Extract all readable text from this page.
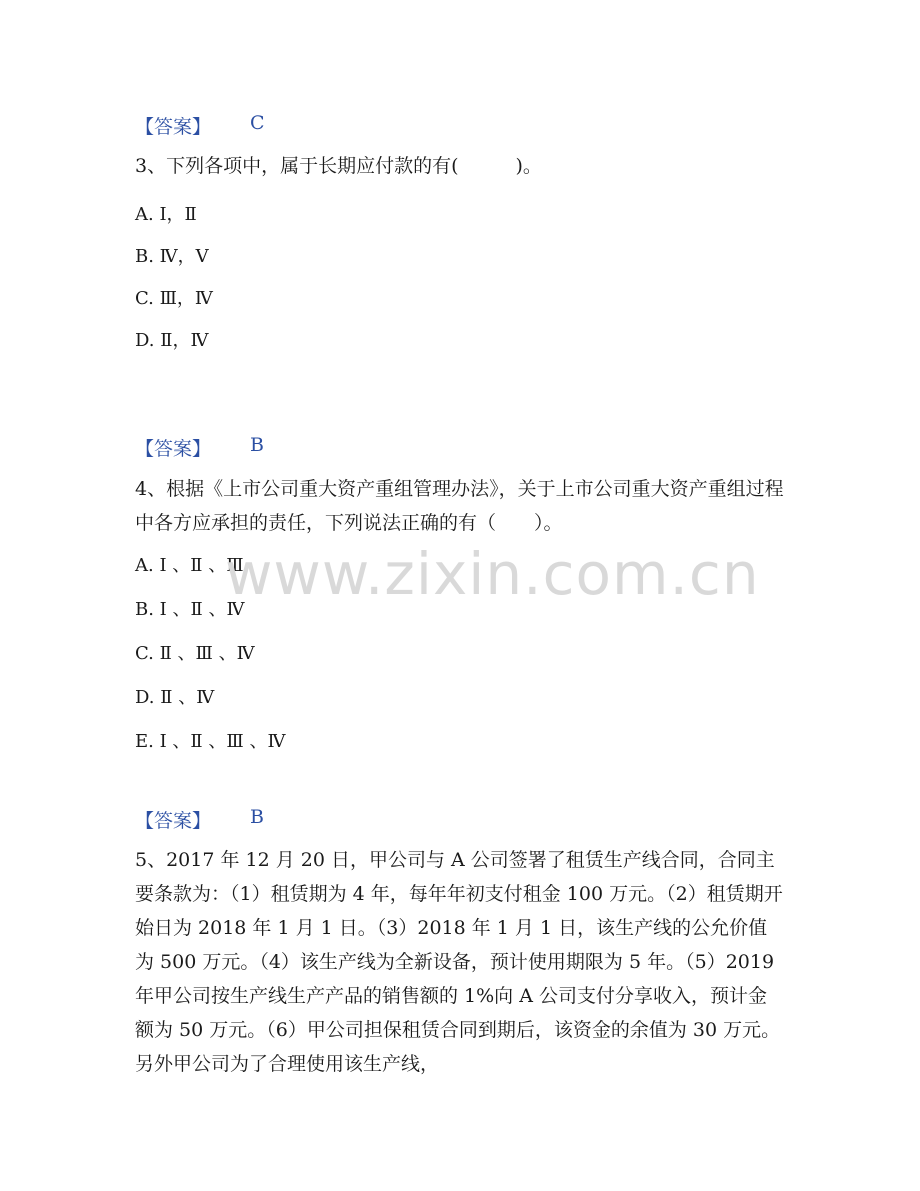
【答案】 C
3、下列各项中，属于长期应付款的有(　　　)。
A. Ⅰ，Ⅱ
B. Ⅳ，Ⅴ
C. Ⅲ，Ⅳ
D. Ⅱ，Ⅳ
【答案】 B
4、根据《上市公司重大资产重组管理办法》，关于上市公司重大资产重组过程中各方应承担的责任，下列说法正确的有（　　）。
A. Ⅰ 、Ⅱ 、Ⅲ
B. Ⅰ 、Ⅱ 、Ⅳ
C. Ⅱ 、Ⅲ 、Ⅳ
D. Ⅱ 、Ⅳ
E. Ⅰ 、Ⅱ 、Ⅲ 、Ⅳ
【答案】 B
5、2017 年 12 月 20 日，甲公司与 A 公司签署了租赁生产线合同，合同主要条款为：（1）租赁期为 4 年，每年年初支付租金 100 万元。（2）租赁期开始日为 2018 年 1 月 1 日。（3）2018 年 1 月 1 日，该生产线的公允价值为 500 万元。（4）该生产线为全新设备，预计使用期限为 5 年。（5）2019 年甲公司按生产线生产产品的销售额的 1%向 A 公司支付分享收入，预计金额为 50 万元。（6）甲公司担保租赁合同到期后，该资金的余值为 30 万元。另外甲公司为了合理使用该生产线，
www.zixin.com.cn
